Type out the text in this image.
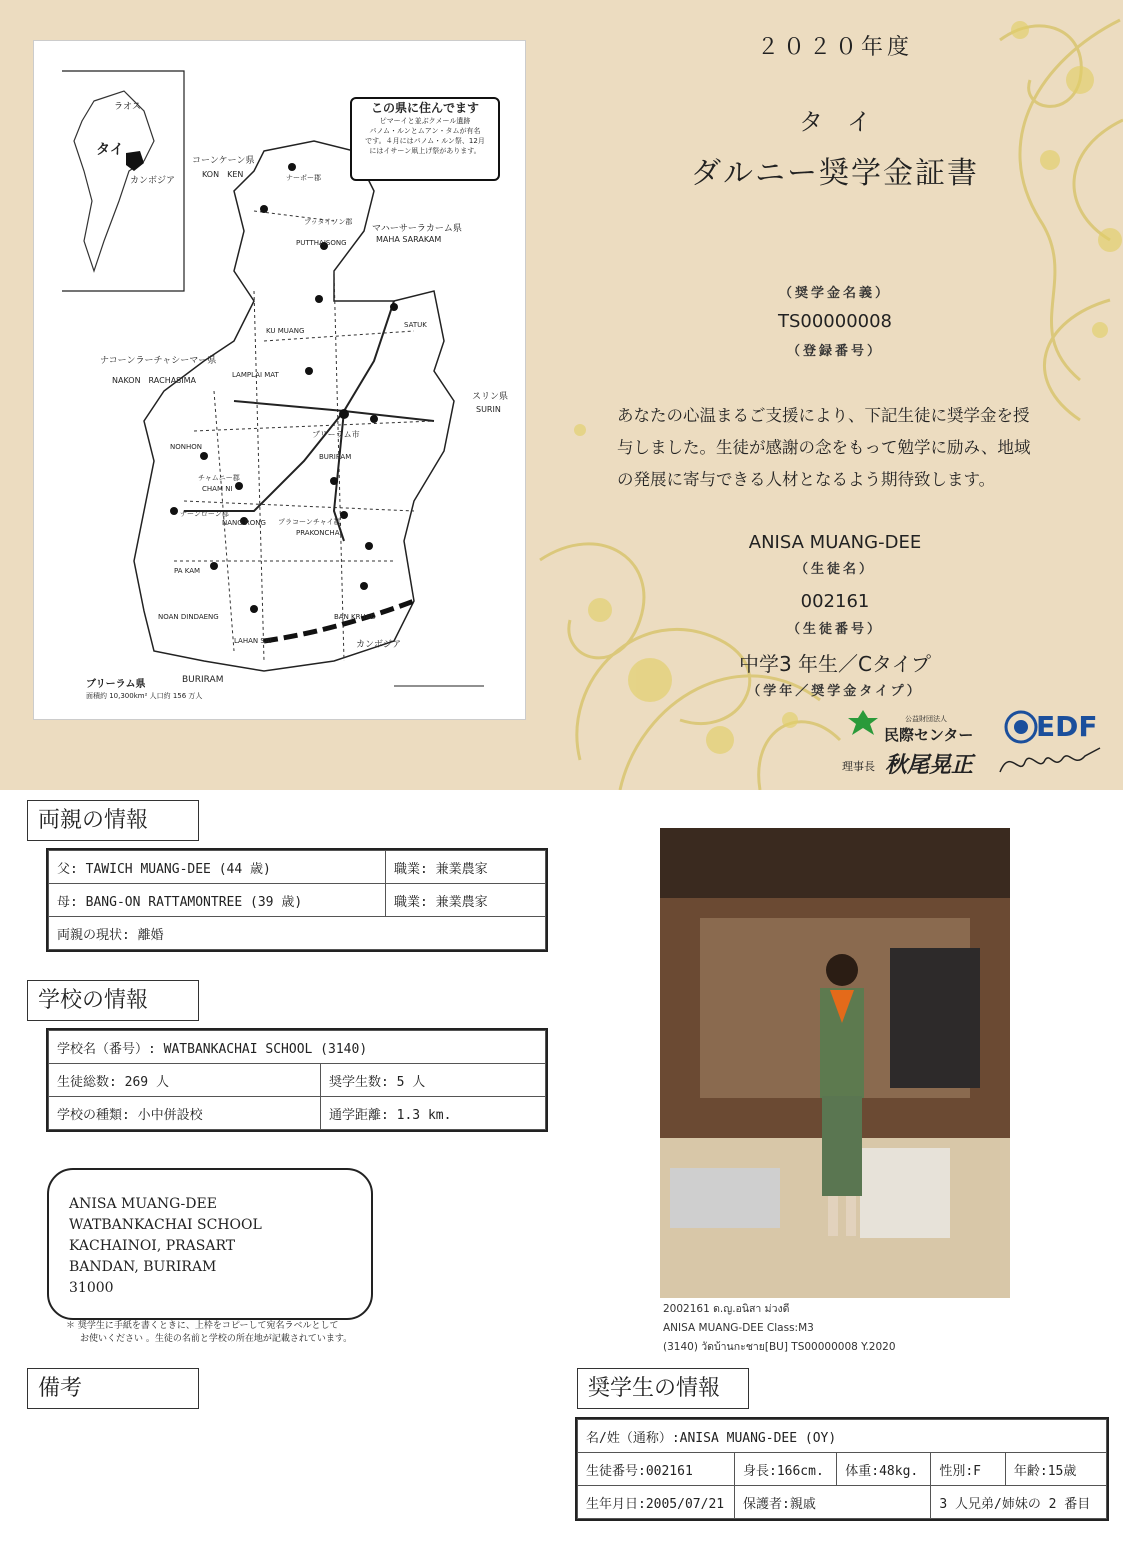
この県に住んでます
ピマーイと並ぶクメール遺跡
パノム・ルンとムアン・タムが有名
です。４月にはパノム・ルン祭、12月
にはイサーン凧上げ祭があります。
ラオス
タイ
カンボジア
コーンケーン県
KON　KEN
マハーサーラカーム県
MAHA SARAKAM
ナコーンラーチャシーマー県
NAKON　RACHASIMA
スリン県
SURIN
カンボジア
ナーポー郡
ブッタイソン郡
PUTTHAISONG
LAMPLAI MAT
ブリーラム市
BURIRAM
チャムニー郡
CHAM NI
ナーンローン郡
NANG RONG プラコーンチャイ郡
PRAKONCHAI
PA KAM
LAHAN SAI
BAN KRUAD
SATUK
KU MUANG
NONHON
NOAN DINDAENG
ブリーラム県	BURIRAM
面積約 10,300km² 人口約 156 万人
２０２０年度
タ　イ
ダルニー奨学金証書
（奨学金名義）
TS00000008
（登録番号）
あなたの心温まるご支援により、下記生徒に奨学金を授
与しました。生徒が感謝の念をもって勉学に励み、地域
の発展に寄与できる人材となるよう期待致します。
ANISA MUANG-DEE
（生徒名）
002161
（生徒番号）
中学3 年生／Cタイプ
（学年／奨学金タイプ）
公益財団法人
民際センター
理事長 秋尾晃正
EDF
両親の情報
父: TAWICH MUANG-DEE (44 歳)	職業: 兼業農家
母: BANG-ON RATTAMONTREE (39 歳)	職業: 兼業農家
両親の現状: 離婚	
学校の情報
学校名（番号）: WATBANKACHAI SCHOOL (3140)	
生徒総数: 269 人	奨学生数: 5 人
学校の種類: 小中併設校	通学距離: 1.3 km.
ANISA MUANG-DEE
WATBANKACHAI SCHOOL
KACHAINOI, PRASART
BANDAN, BURIRAM
31000
＊ 奨学生に手紙を書くときに、上枠をコピーして宛名ラベルとして
お使いください 。生徒の名前と学校の所在地が記載されています。
2002161 ด.ญ.อนิสา ม่วงดี
ANISA MUANG-DEE Class:M3
(3140) วัดบ้านกะชาย[BU] TS00000008 Y.2020
備考	奨学生の情報
名/姓（通称）:ANISA MUANG-DEE (OY)				
生徒番号:002161	身長:166cm.	体重:48kg.	性別:F	年齢:15歳
生年月日:2005/07/21	保護者:親戚		3 人兄弟/姉妹の 2 番目	
